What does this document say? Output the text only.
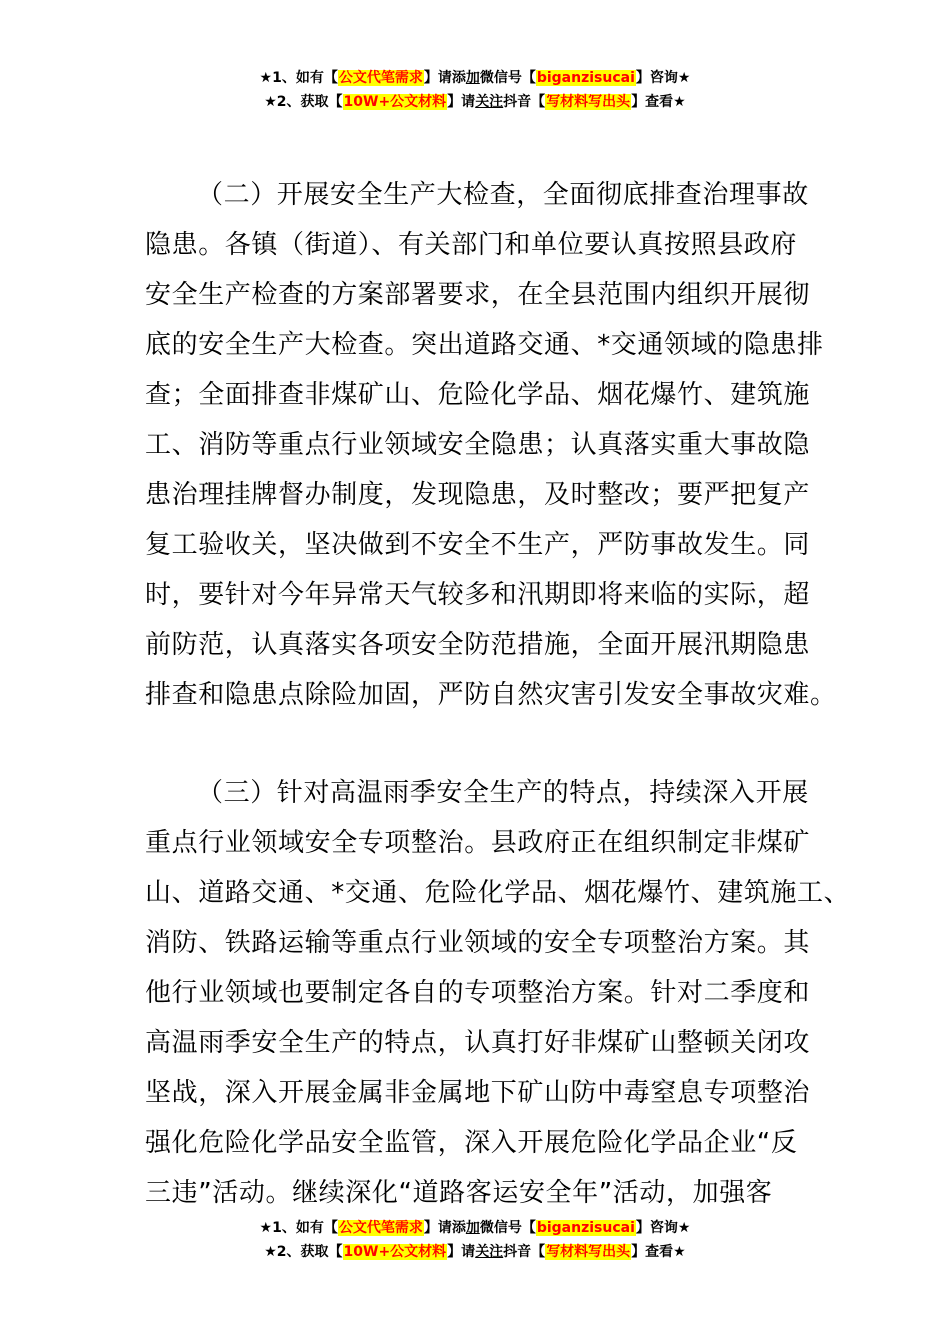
★1、如有【公文代笔需求】请添加微信号【biganzisucai】咨询★
★2、获取【10W+公文材料】请关注抖音【写材料写出头】查看★
（二）开展安全生产大检查，全面彻底排查治理事故
隐患。各镇（街道）、有关部门和单位要认真按照县政府
安全生产检查的方案部署要求，在全县范围内组织开展彻
底的安全生产大检查。突出道路交通、*交通领域的隐患排
查；全面排查非煤矿山、危险化学品、烟花爆竹、建筑施
工、消防等重点行业领域安全隐患；认真落实重大事故隐
患治理挂牌督办制度，发现隐患，及时整改；要严把复产
复工验收关，坚决做到不安全不生产，严防事故发生。同
时，要针对今年异常天气较多和汛期即将来临的实际，超
前防范，认真落实各项安全防范措施，全面开展汛期隐患
排查和隐患点除险加固，严防自然灾害引发安全事故灾难。
（三）针对高温雨季安全生产的特点，持续深入开展
重点行业领域安全专项整治。县政府正在组织制定非煤矿
山、道路交通、*交通、危险化学品、烟花爆竹、建筑施工、
消防、铁路运输等重点行业领域的安全专项整治方案。其
他行业领域也要制定各自的专项整治方案。针对二季度和
高温雨季安全生产的特点，认真打好非煤矿山整顿关闭攻
坚战，深入开展金属非金属地下矿山防中毒窒息专项整治
强化危险化学品安全监管，深入开展危险化学品企业“反
三违”活动。继续深化“道路客运安全年”活动，加强客
★1、如有【公文代笔需求】请添加微信号【biganzisucai】咨询★
★2、获取【10W+公文材料】请关注抖音【写材料写出头】查看★
